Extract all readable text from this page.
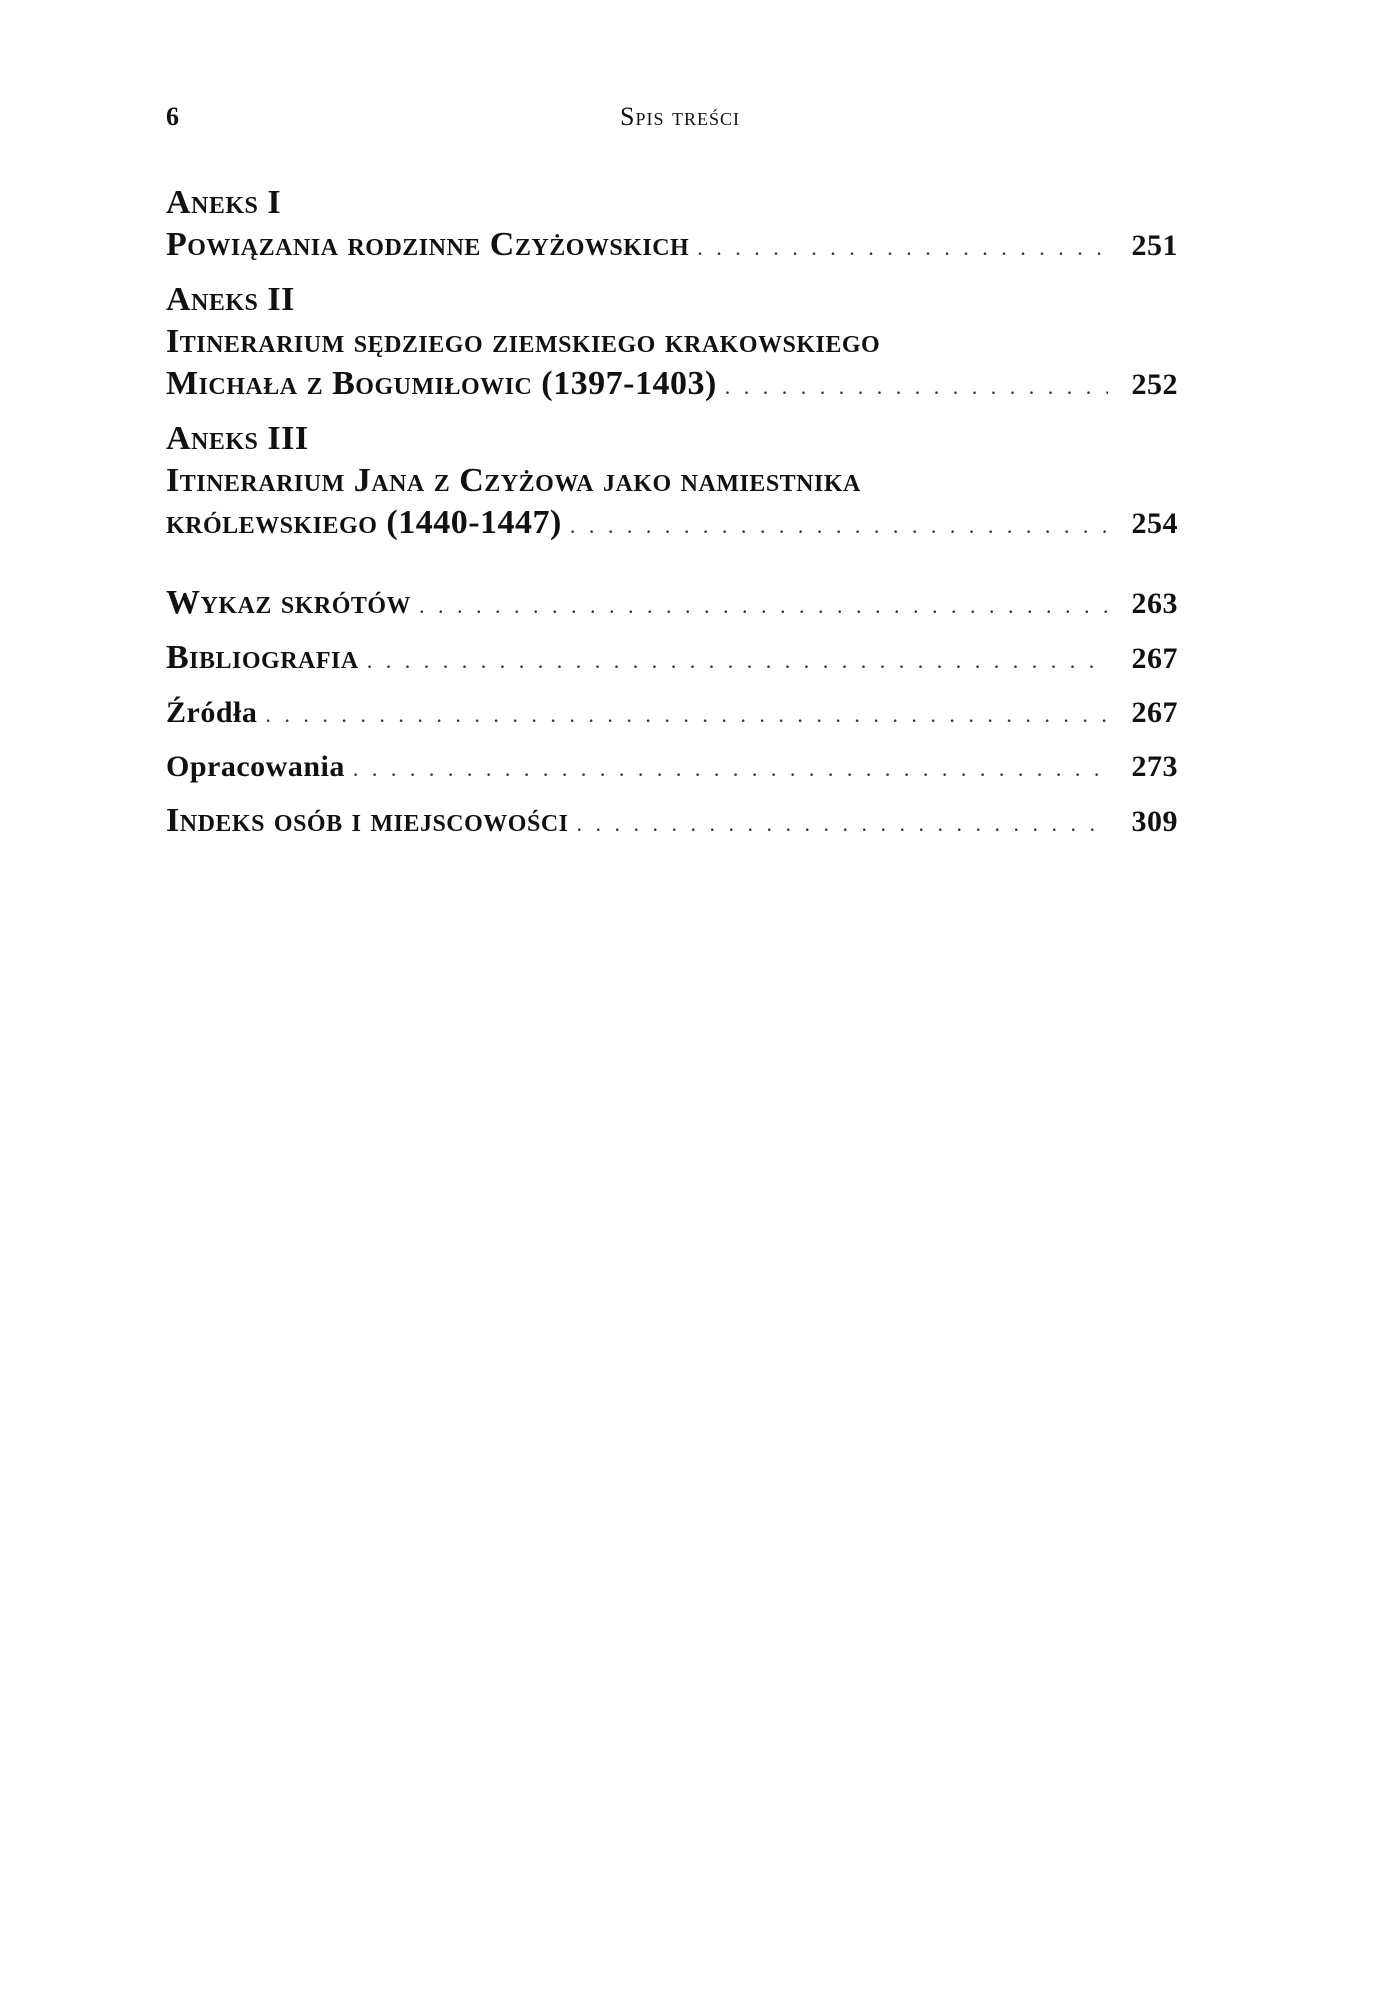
6	Spis treści
Aneks I
Powiązania rodzinne Czyżowskich . . .	251
Aneks II
Itinerarium sędziego ziemskiego krakowskiego
Michała z Bogumiłowic (1397-1403) . . .	252
Aneks III
Itinerarium Jana z Czyżowa jako namiestnika
królewskiego (1440-1447) . . .	254
Wykaz skrótów . . .	263
Bibliografia . . .	267
Źródła . . .	267
Opracowania . . .	273
Indeks osób i miejscowości . . .	309
